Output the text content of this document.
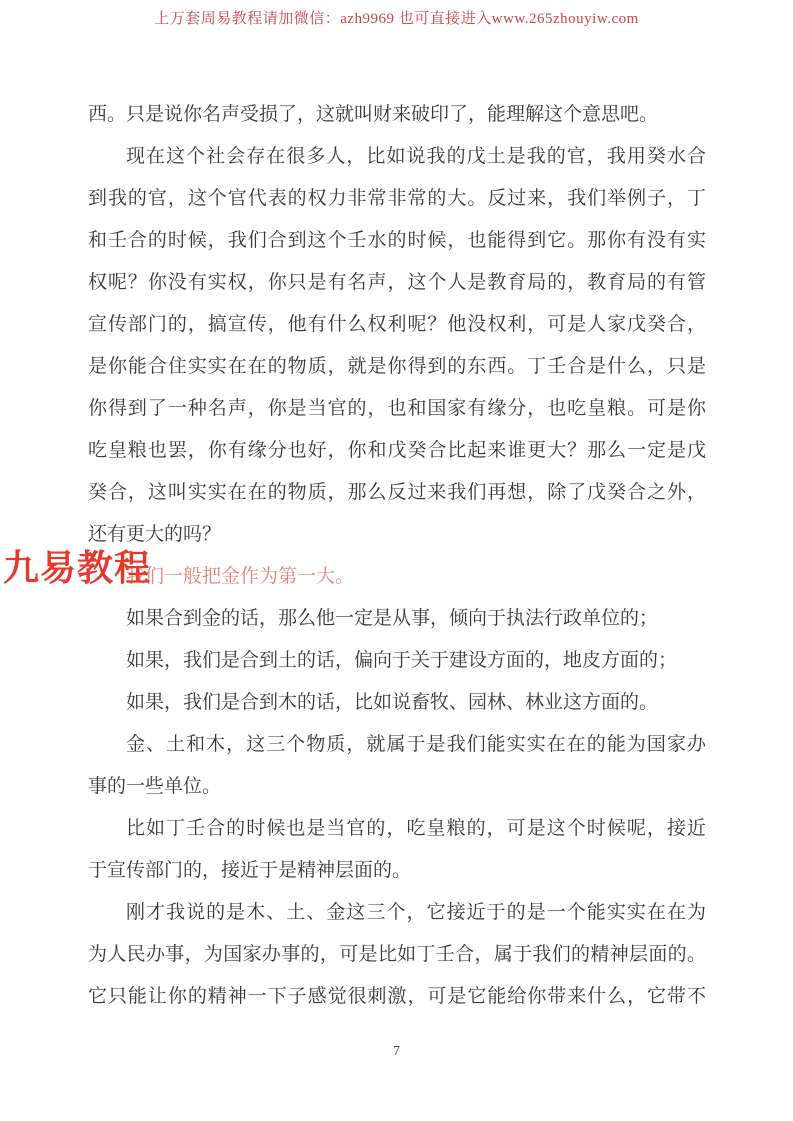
上万套周易教程请加微信：azh9969 也可直接进入www.265zhouyiw.com
西。只是说你名声受损了，这就叫财来破印了，能理解这个意思吧。
现在这个社会存在很多人，比如说我的戊土是我的官，我用癸水合
到我的官，这个官代表的权力非常非常的大。反过来，我们举例子，丁
和壬合的时候，我们合到这个壬水的时候，也能得到它。那你有没有实
权呢？你没有实权，你只是有名声，这个人是教育局的，教育局的有管
宣传部门的，搞宣传，他有什么权利呢？他没权利，可是人家戊癸合，
是你能合住实实在在的物质，就是你得到的东西。丁壬合是什么，只是
你得到了一种名声，你是当官的，也和国家有缘分，也吃皇粮。可是你
吃皇粮也罢，你有缘分也好，你和戊癸合比起来谁更大？那么一定是戊
癸合，这叫实实在在的物质，那么反过来我们再想，除了戊癸合之外，
还有更大的吗？
我们一般把金作为第一大。
如果合到金的话，那么他一定是从事，倾向于执法行政单位的；
如果，我们是合到土的话，偏向于关于建设方面的，地皮方面的；
如果，我们是合到木的话，比如说畜牧、园林、林业这方面的。
金、土和木，这三个物质，就属于是我们能实实在在的能为国家办
事的一些单位。
比如丁壬合的时候也是当官的，吃皇粮的，可是这个时候呢，接近
于宣传部门的，接近于是精神层面的。
刚才我说的是木、土、金这三个，它接近于的是一个能实实在在为
为人民办事，为国家办事的，可是比如丁壬合，属于我们的精神层面的。
它只能让你的精神一下子感觉很刺激，可是它能给你带来什么，它带不
九易教程
7
